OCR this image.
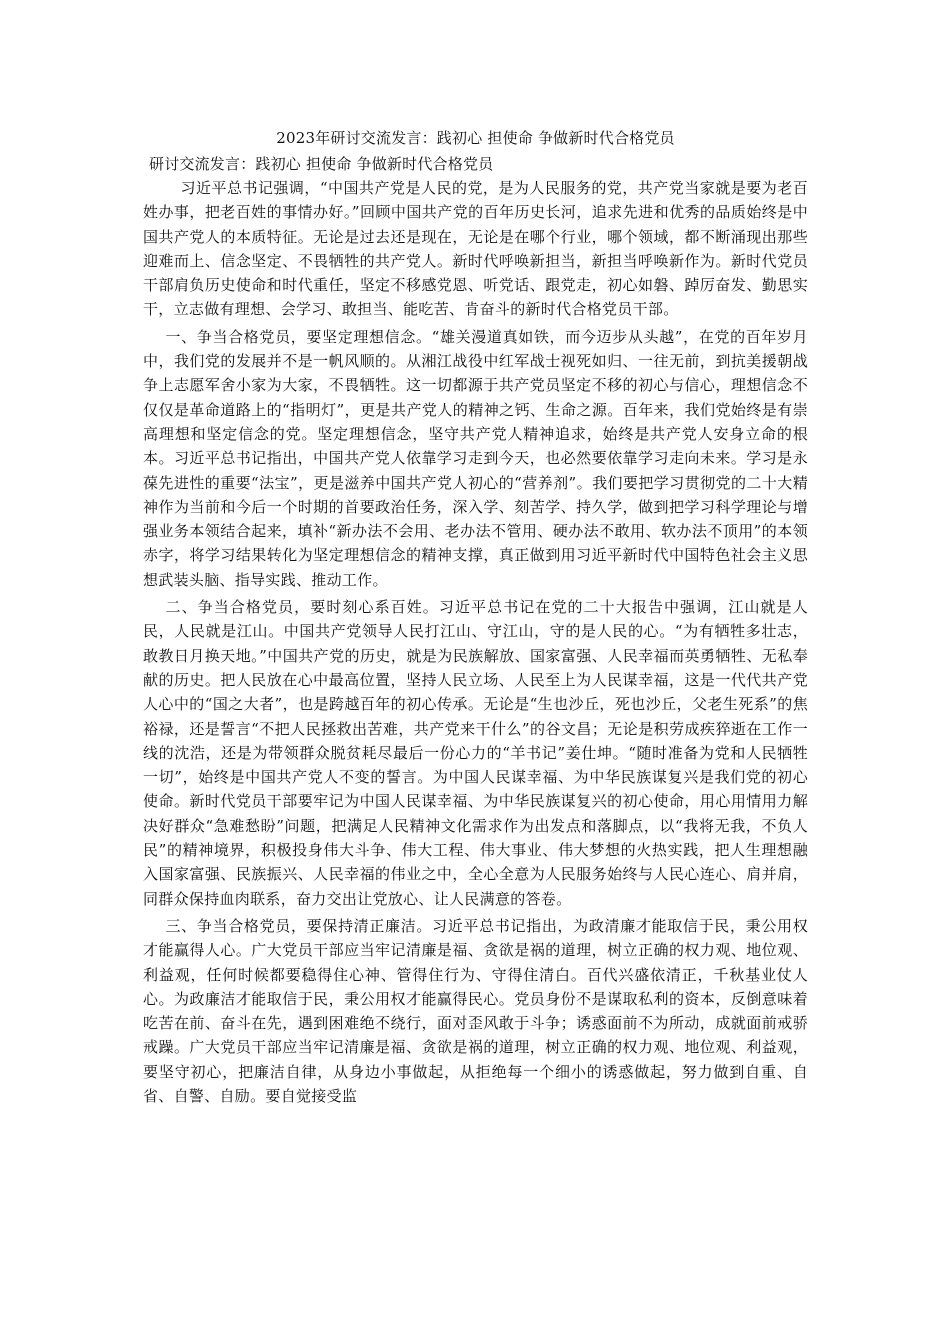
2023年研讨交流发言：践初心 担使命 争做新时代合格党员
研讨交流发言：践初心 担使命 争做新时代合格党员

习近平总书记强调，“中国共产党是人民的党，是为人民服务的党，共产党当家就是要为老百姓办事，把老百姓的事情办好。”回顾中国共产党的百年历史长河，追求先进和优秀的品质始终是中国共产党人的本质特征。无论是过去还是现在，无论是在哪个行业，哪个领域，都不断涌现出那些迎难而上、信念坚定、不畏牺牲的共产党人。新时代呼唤新担当，新担当呼唤新作为。新时代党员干部肩负历史使命和时代重任，坚定不移感党恩、听党话、跟党走，初心如磐、踔厉奋发、勤思实干，立志做有理想、会学习、敢担当、能吃苦、肯奋斗的新时代合格党员干部。

一、争当合格党员，要坚定理想信念。“雄关漫道真如铁，而今迈步从头越”，在党的百年岁月中，我们党的发展并不是一帆风顺的。从湘江战役中红军战士视死如归、一往无前，到抗美援朝战争上志愿军舍小家为大家，不畏牺牲。这一切都源于共产党员坚定不移的初心与信心，理想信念不仅仅是革命道路上的“指明灯”，更是共产党人的精神之钙、生命之源。百年来，我们党始终是有崇高理想和坚定信念的党。坚定理想信念，坚守共产党人精神追求，始终是共产党人安身立命的根本。习近平总书记指出，中国共产党人依靠学习走到今天，也必然要依靠学习走向未来。学习是永葆先进性的重要“法宝”，更是滋养中国共产党人初心的“营养剂”。我们要把学习贯彻党的二十大精神作为当前和今后一个时期的首要政治任务，深入学、刻苦学、持久学，做到把学习科学理论与增强业务本领结合起来，填补“新办法不会用、老办法不管用、硬办法不敢用、软办法不顶用”的本领赤字，将学习结果转化为坚定理想信念的精神支撑，真正做到用习近平新时代中国特色社会主义思想武装头脑、指导实践、推动工作。

二、争当合格党员，要时刻心系百姓。习近平总书记在党的二十大报告中强调，江山就是人民，人民就是江山。中国共产党领导人民打江山、守江山，守的是人民的心。“为有牺牲多壮志，敢教日月换天地。”中国共产党的历史，就是为民族解放、国家富强、人民幸福而英勇牺牲、无私奉献的历史。把人民放在心中最高位置，坚持人民立场、人民至上为人民谋幸福，这是一代代共产党人心中的“国之大者”，也是跨越百年的初心传承。无论是“生也沙丘，死也沙丘，父老生死系”的焦裕禄，还是誓言“不把人民拯救出苦难，共产党来干什么”的谷文昌；无论是积劳成疾猝逝在工作一线的沈浩，还是为带领群众脱贫耗尽最后一份心力的“羊书记”姜仕坤。“随时准备为党和人民牺牲一切”，始终是中国共产党人不变的誓言。为中国人民谋幸福、为中华民族谋复兴是我们党的初心使命。新时代党员干部要牢记为中国人民谋幸福、为中华民族谋复兴的初心使命，用心用情用力解决好群众“急难愁盼”问题，把满足人民精神文化需求作为出发点和落脚点，以“我将无我，不负人民”的精神境界，积极投身伟大斗争、伟大工程、伟大事业、伟大梦想的火热实践，把人生理想融入国家富强、民族振兴、人民幸福的伟业之中，全心全意为人民服务始终与人民心连心、肩并肩，同群众保持血肉联系，奋力交出让党放心、让人民满意的答卷。

三、争当合格党员，要保持清正廉洁。习近平总书记指出，为政清廉才能取信于民，秉公用权才能赢得人心。广大党员干部应当牢记清廉是福、贪欲是祸的道理，树立正确的权力观、地位观、利益观，任何时候都要稳得住心神、管得住行为、守得住清白。百代兴盛依清正，千秋基业仗人心。为政廉洁才能取信于民，秉公用权才能赢得民心。党员身份不是谋取私利的资本，反倒意味着吃苦在前、奋斗在先，遇到困难绝不绕行，面对歪风敢于斗争；诱惑面前不为所动，成就面前戒骄戒躁。广大党员干部应当牢记清廉是福、贪欲是祸的道理，树立正确的权力观、地位观、利益观，要坚守初心，把廉洁自律，从身边小事做起，从拒绝每一个细小的诱惑做起，努力做到自重、自省、自警、自励。要自觉接受监
